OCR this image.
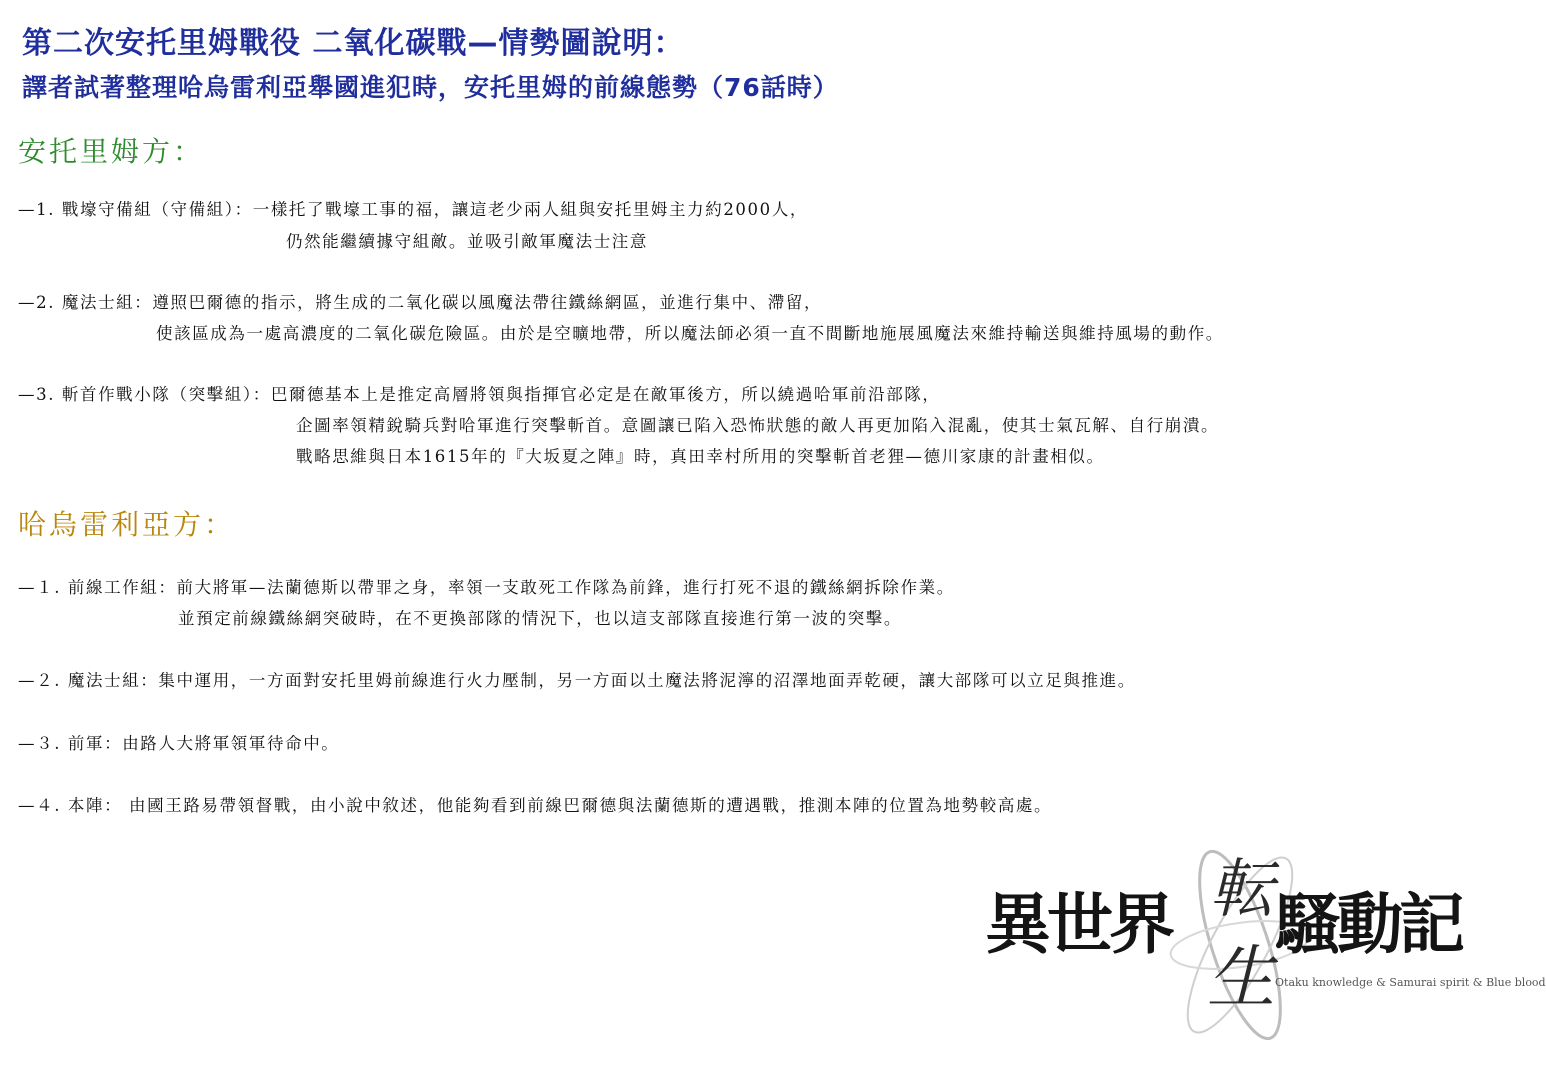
第二次安托里姆戰役 二氧化碳戰—情勢圖說明：
譯者試著整理哈烏雷利亞舉國進犯時，安托里姆的前線態勢（76話時）
安托里姆方：
—1. 戰壕守備組（守備組）：一樣托了戰壕工事的福，讓這老少兩人組與安托里姆主力約2000人，
仍然能繼續據守組敵。並吸引敵軍魔法士注意
—2. 魔法士組：遵照巴爾德的指示，將生成的二氧化碳以風魔法帶往鐵絲網區，並進行集中、滯留，
使該區成為一處高濃度的二氧化碳危險區。由於是空曠地帶，所以魔法師必須一直不間斷地施展風魔法來維持輸送與維持風場的動作。
—3. 斬首作戰小隊（突擊組）：巴爾德基本上是推定高層將領與指揮官必定是在敵軍後方，所以繞過哈軍前沿部隊，
企圖率領精銳騎兵對哈軍進行突擊斬首。意圖讓已陷入恐怖狀態的敵人再更加陷入混亂，使其士氣瓦解、自行崩潰。
戰略思維與日本1615年的『大坂夏之陣』時，真田幸村所用的突擊斬首老狸—德川家康的計畫相似。
哈烏雷利亞方：
—１. 前線工作組：前大將軍—法蘭德斯以帶罪之身，率領一支敢死工作隊為前鋒，進行打死不退的鐵絲網拆除作業。
並預定前線鐵絲網突破時，在不更換部隊的情況下，也以這支部隊直接進行第一波的突擊。
—２. 魔法士組：集中運用，一方面對安托里姆前線進行火力壓制，另一方面以土魔法將泥濘的沼澤地面弄乾硬，讓大部隊可以立足與推進。
—３. 前軍：由路人大將軍領軍待命中。
—４. 本陣： 由國王路易帶領督戰，由小說中敘述，他能夠看到前線巴爾德與法蘭德斯的遭遇戰，推測本陣的位置為地勢較高處。
異世界 転
生
騷動記
Otaku knowledge & Samurai spirit & Blue blood
